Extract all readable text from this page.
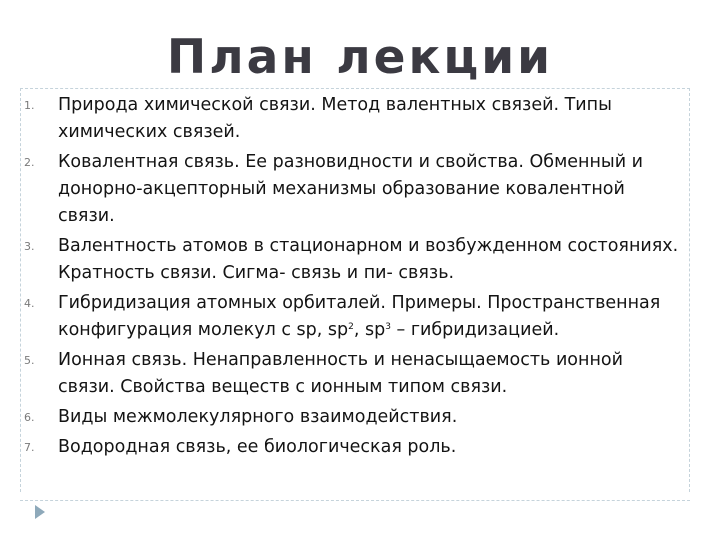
План лекции
1. Природа химической связи. Метод валентных связей. Типы химических связей.
2. Ковалентная связь. Ее разновидности и свойства. Обменный и донорно-акцепторный механизмы образование ковалентной связи.
3. Валентность атомов в стационарном и возбужденном состояниях. Кратность связи. Сигма- связь и пи- связь.
4. Гибридизация атомных орбиталей. Примеры. Пространственная конфигурация молекул с sp, $sp^2$, $sp^3$ – гибридизацией.
5. Ионная связь. Ненаправленность и ненасыщаемость ионной связи. Свойства веществ с ионным типом связи.
6. Виды межмолекулярного взаимодействия.
7. Водородная связь, ее биологическая роль.
